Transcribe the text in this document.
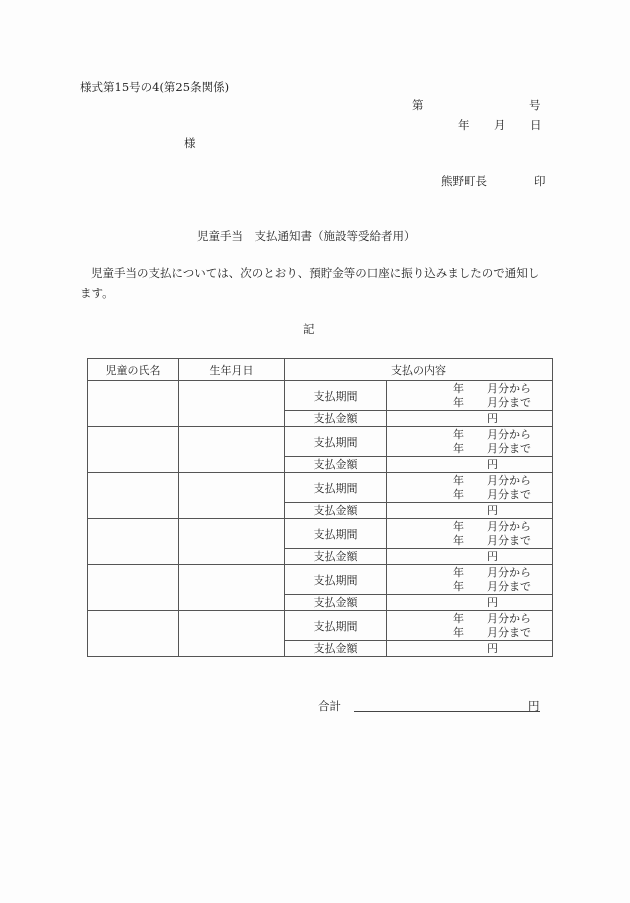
様式第15号の4(第25条関係)
第	号
年 月 日
様
熊野町長	印
児童手当　支払通知書（施設等受給者用）
児童手当の支払については、次のとおり、預貯金等の口座に振り込みましたので通知し
ます。
記
児童の氏名	生年月日	支払の内容	
		支払期間	年 月分から
年 月分まで

		支払金額	円
		支払期間	年 月分から
年 月分まで

		支払金額	円
		支払期間	年 月分から
年 月分まで

		支払金額	円
		支払期間	年 月分から
年 月分まで

		支払金額	円
		支払期間	年 月分から
年 月分まで

		支払金額	円
		支払期間	年 月分から
年 月分まで

		支払金額	円
合計	円
